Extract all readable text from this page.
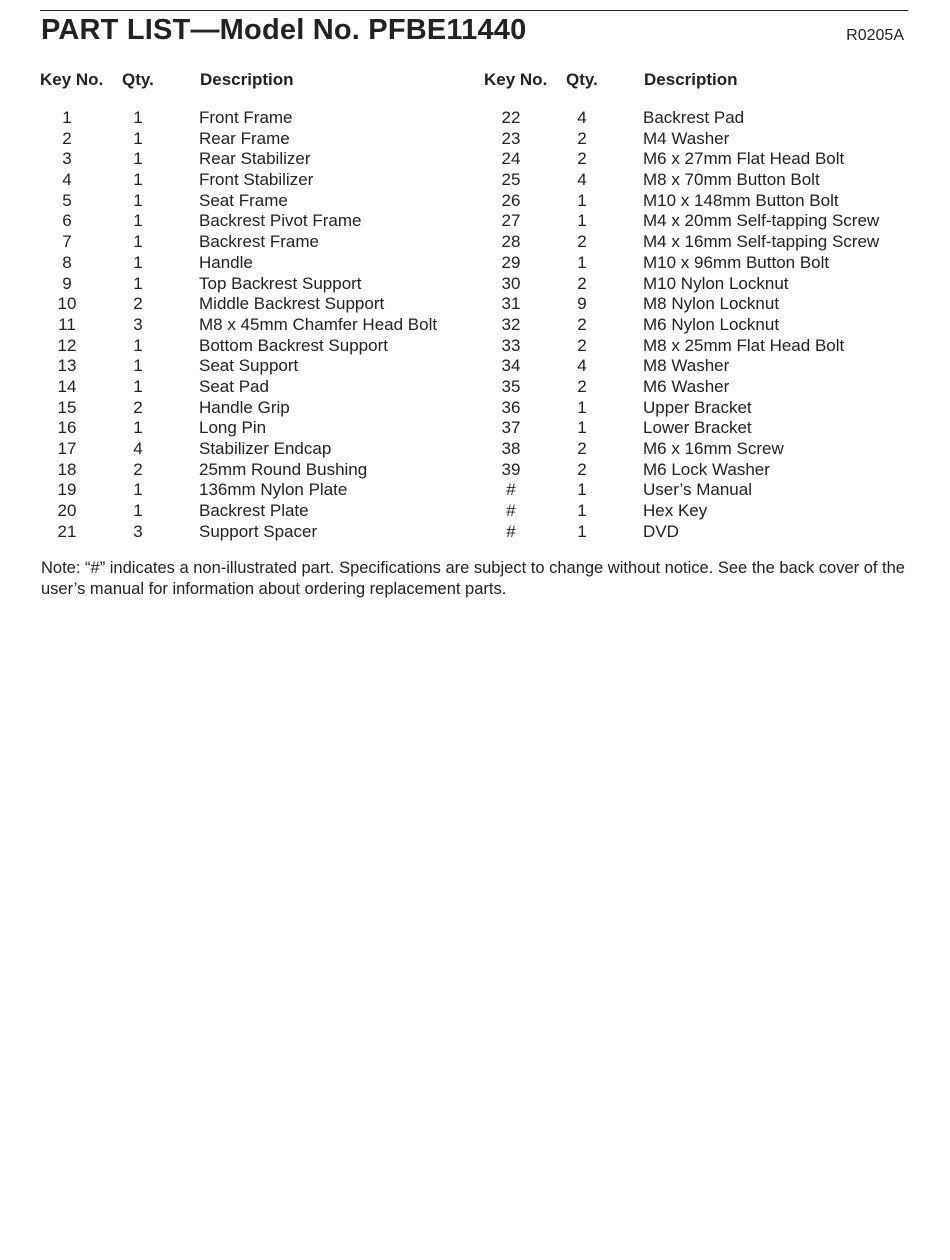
PART LIST—Model No. PFBE11440	R0205A
Key No. Qty.	Description
1	1	Front Frame
2	1	Rear Frame
3	1	Rear Stabilizer
4	1	Front Stabilizer
5	1	Seat Frame
6	1	Backrest Pivot Frame
7	1	Backrest Frame
8	1	Handle
9	1	Top Backrest Support
10	2	Middle Backrest Support
11	3	M8 x 45mm Chamfer Head Bolt
12	1	Bottom Backrest Support
13	1	Seat Support
14	1	Seat Pad
15	2	Handle Grip
16	1	Long Pin
17	4	Stabilizer Endcap
18	2	25mm Round Bushing
19	1	136mm Nylon Plate
20	1	Backrest Plate
21	3	Support Spacer
Key No. Qty.	Description
22	4	Backrest Pad
23	2	M4 Washer
24	2	M6 x 27mm Flat Head Bolt
25	4	M8 x 70mm Button Bolt
26	1	M10 x 148mm Button Bolt
27	1	M4 x 20mm Self-tapping Screw
28	2	M4 x 16mm Self-tapping Screw
29	1	M10 x 96mm Button Bolt
30	2	M10 Nylon Locknut
31	9	M8 Nylon Locknut
32	2	M6 Nylon Locknut
33	2	M8 x 25mm Flat Head Bolt
34	4	M8 Washer
35	2	M6 Washer
36	1	Upper Bracket
37	1	Lower Bracket
38	2	M6 x 16mm Screw
39	2	M6 Lock Washer
#	1	User’s Manual
#	1	Hex Key
#	1	DVD
Note: “#” indicates a non-illustrated part. Specifications are subject to change without notice. See the back cover of the user’s manual for information about ordering replacement parts.
